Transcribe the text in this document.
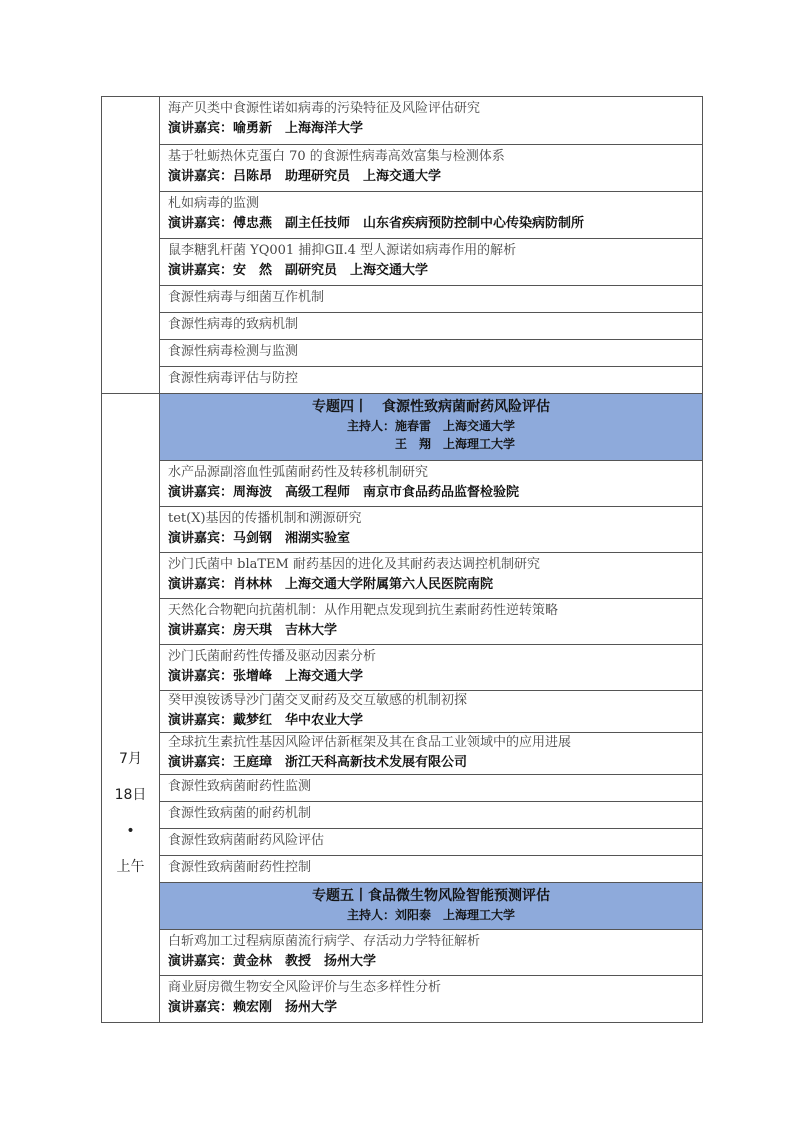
海产贝类中食源性诺如病毒的污染特征及风险评估研究
演讲嘉宾：喻勇新　上海海洋大学
基于牡蛎热休克蛋白 70 的食源性病毒高效富集与检测体系
演讲嘉宾：吕陈昂　助理研究员　上海交通大学
札如病毒的监测
演讲嘉宾：傅忠燕　副主任技师　山东省疾病预防控制中心传染病防制所
鼠李糖乳杆菌 YQ001 捕抑GⅡ.4 型人源诺如病毒作用的解析
演讲嘉宾：安　然　副研究员　上海交通大学
食源性病毒与细菌互作机制
食源性病毒的致病机制
食源性病毒检测与监测
食源性病毒评估与防控
7月
18日
•
上午
专题四丨　食源性致病菌耐药风险评估
主持人：施春雷　上海交通大学
　　　　王　翔　上海理工大学
水产品源副溶血性弧菌耐药性及转移机制研究
演讲嘉宾：周海波　高级工程师　南京市食品药品监督检验院
tet(X)基因的传播机制和溯源研究
演讲嘉宾：马剑钢　湘湖实验室
沙门氏菌中 blaTEM 耐药基因的进化及其耐药表达调控机制研究
演讲嘉宾：肖林林　上海交通大学附属第六人民医院南院
天然化合物靶向抗菌机制：从作用靶点发现到抗生素耐药性逆转策略
演讲嘉宾：房天琪　吉林大学
沙门氏菌耐药性传播及驱动因素分析
演讲嘉宾：张增峰　上海交通大学
癸甲溴铵诱导沙门菌交叉耐药及交互敏感的机制初探
演讲嘉宾：戴梦红　华中农业大学
全球抗生素抗性基因风险评估新框架及其在食品工业领域中的应用进展
演讲嘉宾：王庭璋　浙江天科高新技术发展有限公司
食源性致病菌耐药性监测
食源性致病菌的耐药机制
食源性致病菌耐药风险评估
食源性致病菌耐药性控制
专题五丨食品微生物风险智能预测评估
主持人：刘阳泰　上海理工大学
白斩鸡加工过程病原菌流行病学、存活动力学特征解析
演讲嘉宾：黄金林　教授　扬州大学
商业厨房微生物安全风险评价与生态多样性分析
演讲嘉宾：赖宏刚　扬州大学
